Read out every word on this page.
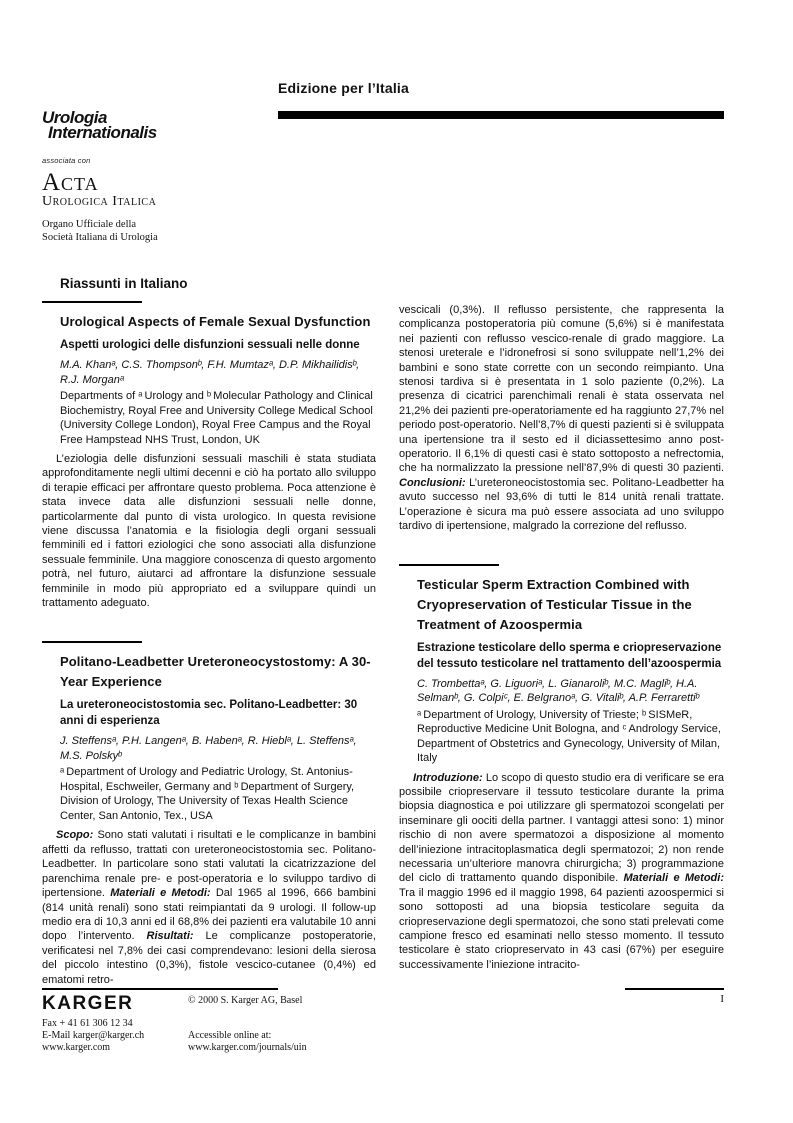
Edizione per l’Italia
Urologia
Internationalis
associata con
Acta
Urologica Italica
Organo Ufficiale della
Società Italiana di Urologia
Riassunti in Italiano
Urological Aspects of Female Sexual Dysfunction
Aspetti urologici delle disfunzioni sessuali nelle donne
M.A. Khanᵃ, C.S. Thompsonᵇ, F.H. Mumtazᵃ, D.P. Mikhailidisᵇ, R.J. Morganᵃ
Departments of ᵃ Urology and ᵇ Molecular Pathology and Clinical Biochemistry, Royal Free and University College Medical School (University College London), Royal Free Campus and the Royal Free Hampstead NHS Trust, London, UK
L’eziologia delle disfunzioni sessuali maschili è stata studiata approfonditamente negli ultimi decenni e ciò ha portato allo sviluppo di terapie efficaci per affrontare questo problema. Poca attenzione è stata invece data alle disfunzioni sessuali nelle donne, particolarmente dal punto di vista urologico. In questa revisione viene discussa l’anatomia e la fisiologia degli organi sessuali femminili ed i fattori eziologici che sono associati alla disfunzione sessuale femminile. Una maggiore conoscenza di questo argomento potrà, nel futuro, aiutarci ad affrontare la disfunzione sessuale femminile in modo più appropriato ed a sviluppare quindi un trattamento adeguato.
Politano-Leadbetter Ureteroneocystostomy: A 30-Year Experience
La ureteroneocistostomia sec. Politano-Leadbetter: 30 anni di esperienza
J. Steffensᵃ, P.H. Langenᵃ, B. Habenᵃ, R. Hieblᵃ, L. Steffensᵃ, M.S. Polskyᵇ
ᵃ Department of Urology and Pediatric Urology, St. Antonius-Hospital, Eschweiler, Germany and ᵇ Department of Surgery, Division of Urology, The University of Texas Health Science Center, San Antonio, Tex., USA
Scopo: Sono stati valutati i risultati e le complicanze in bambini affetti da reflusso, trattati con ureteroneocistostomia sec. Politano-Leadbetter. In particolare sono stati valutati la cicatrizzazione del parenchima renale pre- e post-operatoria e lo sviluppo tardivo di ipertensione. Materiali e Metodi: Dal 1965 al 1996, 666 bambini (814 unità renali) sono stati reimpiantati da 9 urologi. Il follow-up medio era di 10,3 anni ed il 68,8% dei pazienti era valutabile 10 anni dopo l’intervento. Risultati: Le complicanze postoperatorie, verificatesi nel 7,8% dei casi comprendevano: lesioni della sierosa del piccolo intestino (0,3%), fistole vescico-cutanee (0,4%) ed ematomi retro-
vescicali (0,3%). Il reflusso persistente, che rappresenta la complicanza postoperatoria più comune (5,6%) si è manifestata nei pazienti con reflusso vescico-renale di grado maggiore. La stenosi ureterale e l’idronefrosi si sono sviluppate nell’1,2% dei bambini e sono state corrette con un secondo reimpianto. Una stenosi tardiva si è presentata in 1 solo paziente (0,2%). La presenza di cicatrici parenchimali renali è stata osservata nel 21,2% dei pazienti pre-operatoriamente ed ha raggiunto 27,7% nel periodo post-operatorio. Nell’8,7% di questi pazienti si è sviluppata una ipertensione tra il sesto ed il diciassettesimo anno post-operatorio. Il 6,1% di questi casi è stato sottoposto a nefrectomia, che ha normalizzato la pressione nell’87,9% di questi 30 pazienti. Conclusioni: L’ureteroneocistostomia sec. Politano-Leadbetter ha avuto successo nel 93,6% di tutti le 814 unità renali trattate. L’operazione è sicura ma può essere associata ad uno sviluppo tardivo di ipertensione, malgrado la correzione del reflusso.
Testicular Sperm Extraction Combined with Cryopreservation of Testicular Tissue in the Treatment of Azoospermia
Estrazione testicolare dello sperma e criopreservazione del tessuto testicolare nel trattamento dell’azoospermia
C. Trombettaᵃ, G. Liguoriᵃ, L. Gianaroliᵇ, M.C. Magliᵇ, H.A. Selmanᵇ, G. Colpiᶜ, E. Belgranoᵃ, G. Vitaliᵇ, A.P. Ferrarettiᵇ
ᵃ Department of Urology, University of Trieste; ᵇ SISMeR, Reproductive Medicine Unit Bologna, and ᶜ Andrology Service, Department of Obstetrics and Gynecology, University of Milan, Italy
Introduzione: Lo scopo di questo studio era di verificare se era possibile criopreservare il tessuto testicolare durante la prima biopsia diagnostica e poi utilizzare gli spermatozoi scongelati per inseminare gli oociti della partner. I vantaggi attesi sono: 1) minor rischio di non avere spermatozoi a disposizione al momento dell’iniezione intracitoplasmatica degli spermatozoi; 2) non rende necessaria un’ulteriore manovra chirurgicha; 3) programmazione del ciclo di trattamento quando disponibile. Materiali e Metodi: Tra il maggio 1996 ed il maggio 1998, 64 pazienti azoospermici si sono sottoposti ad una biopsia testicolare seguita da criopreservazione degli spermatozoi, che sono stati prelevati come campione fresco ed esaminati nello stesso momento. Il tessuto testicolare è stato criopreservato in 43 casi (67%) per eseguire successivamente l’iniezione intracito-
KARGER	© 2000 S. Karger AG, Basel
Fax + 41 61 306 12 34
E-Mail karger@karger.ch
www.karger.com
Accessible online at:
www.karger.com/journals/uin
I
